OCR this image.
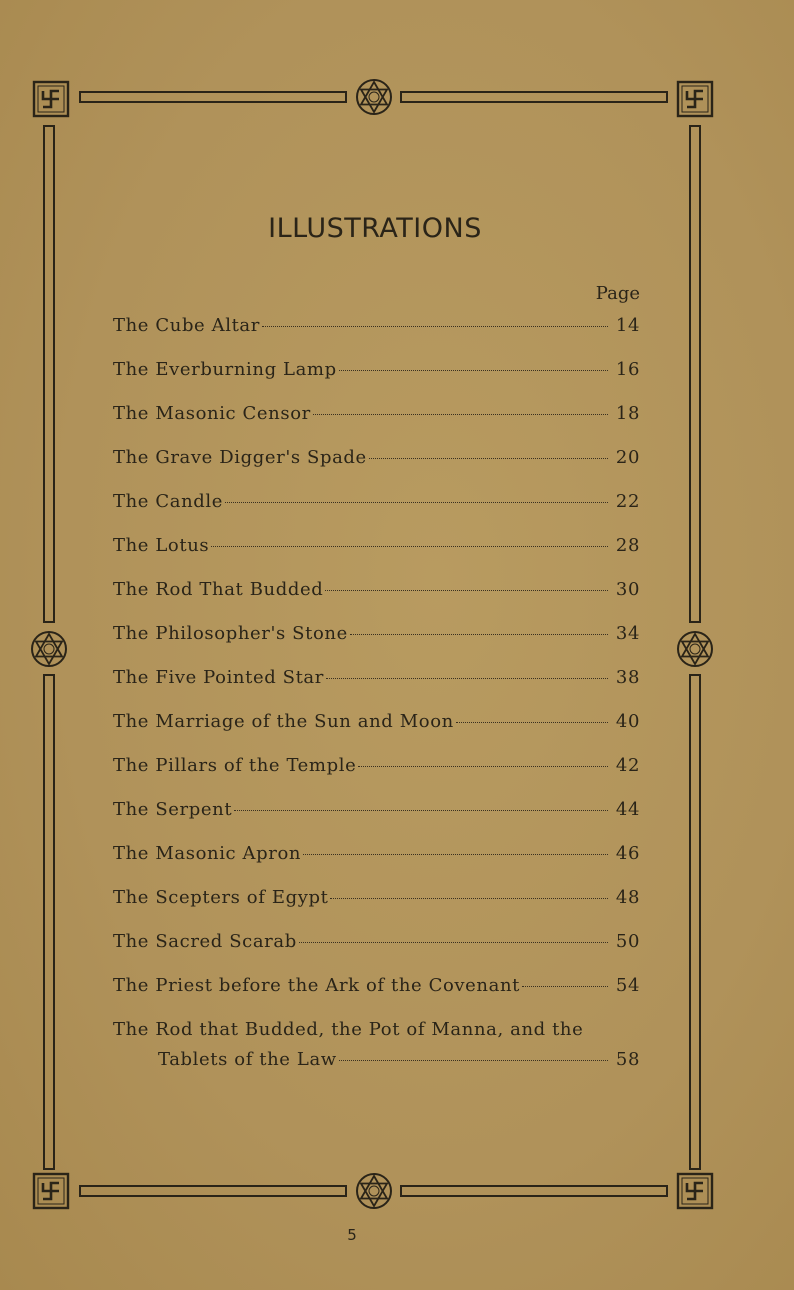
ILLUSTRATIONS
Page
The Cube Altar	14
The Everburning Lamp	16
The Masonic Censor	18
The Grave Digger's Spade	20
The Candle	22
The Lotus	28
The Rod That Budded	30
The Philosopher's Stone	34
The Five Pointed Star	38
The Marriage of the Sun and Moon	40
The Pillars of the Temple	42
The Serpent	44
The Masonic Apron	46
The Scepters of Egypt	48
The Sacred Scarab	50
The Priest before the Ark of the Covenant	54
The Rod that Budded, the Pot of Manna, and the
Tablets of the Law	58
5
